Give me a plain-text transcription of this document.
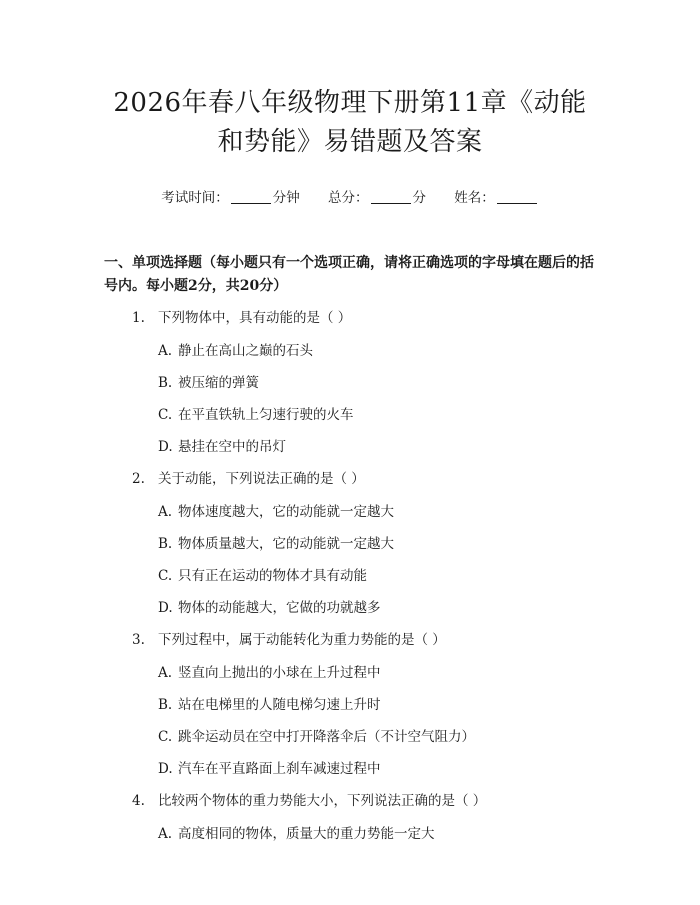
2026年春八年级物理下册第11章《动能和势能》易错题及答案
考试时间：	分钟 总分：	分 姓名：
一、单项选择题（每小题只有一个选项正确，请将正确选项的字母填在题后的括号内。每小题2分，共20分）
1. 下列物体中，具有动能的是（ ）
A. 静止在高山之巅的石头
B. 被压缩的弹簧
C. 在平直铁轨上匀速行驶的火车
D. 悬挂在空中的吊灯
2. 关于动能，下列说法正确的是（ ）
A. 物体速度越大，它的动能就一定越大
B. 物体质量越大，它的动能就一定越大
C. 只有正在运动的物体才具有动能
D. 物体的动能越大，它做的功就越多
3. 下列过程中，属于动能转化为重力势能的是（ ）
A. 竖直向上抛出的小球在上升过程中
B. 站在电梯里的人随电梯匀速上升时
C. 跳伞运动员在空中打开降落伞后（不计空气阻力）
D. 汽车在平直路面上刹车减速过程中
4. 比较两个物体的重力势能大小，下列说法正确的是（ ）
A. 高度相同的物体，质量大的重力势能一定大
